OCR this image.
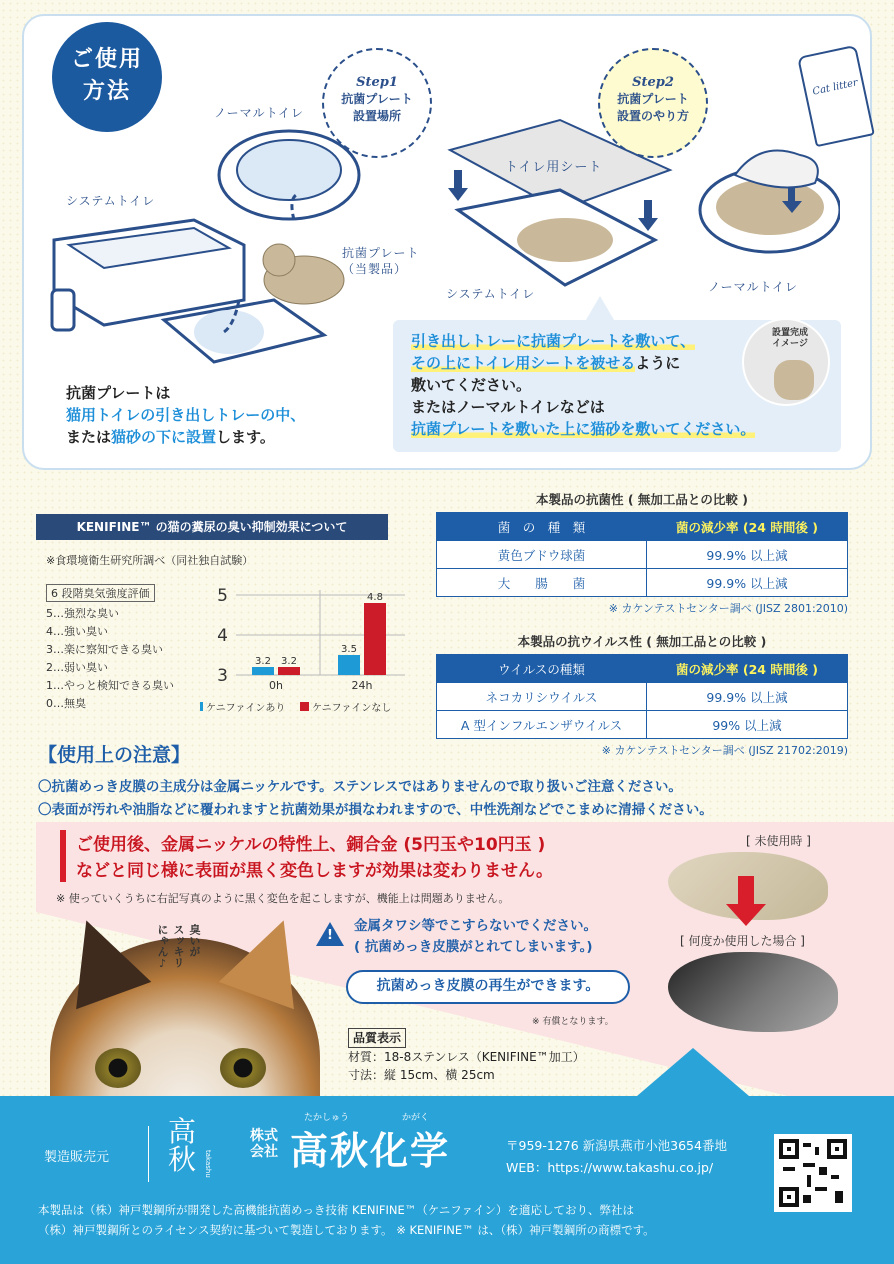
ご使用
方法	Step1
抗菌プレート
設置場所
Step2
抗菌プレート
設置のやり方
Cat litter
ノーマルトイレ
システムトイレ
抗菌プレート
（当製品）
トイレ用シート
システムトイレ	ノーマルトイレ
抗菌プレートは
猫用トイレの引き出しトレーの中、
または猫砂の下に設置します。
引き出しトレーに抗菌プレートを敷いて、
その上にトイレ用シートを被せるように
敷いてください。
またはノーマルトイレなどは
抗菌プレートを敷いた上に猫砂を敷いてください。
設置完成
イメージ
KENIFINE™ の猫の糞尿の臭い抑制効果について
※食環境衛生研究所調べ（同社独自試験）
6 段階臭気強度評価
5…強烈な臭い
4…強い臭い
3…楽に察知できる臭い
2…弱い臭い
1…やっと検知できる臭い
0…無臭
3
4
5
3.2 3.2
0h
3.5
4.8
24h
ケニファインあり	ケニファインなし
本製品の抗菌性 ( 無加工品との比較 )
菌　の　種　類	菌の減少率 (24 時間後 )
黄色ブドウ球菌	99.9% 以上減
大　　腸　　菌	99.9% 以上減
※ カケンテストセンター調べ (JISZ 2801:2010)
本製品の抗ウイルス性 ( 無加工品との比較 )
ウイルスの種類	菌の減少率 (24 時間後 )
ネコカリシウイルス	99.9% 以上減
A 型インフルエンザウイルス	99% 以上減
※ カケンテストセンター調べ (JISZ 21702:2019)
【使用上の注意】
〇抗菌めっき皮膜の主成分は金属ニッケルです。ステンレスではありませんので取り扱いご注意ください。
〇表面が汚れや油脂などに覆われますと抗菌効果が損なわれますので、中性洗剤などでこまめに清掃ください。
ご使用後、金属ニッケルの特性上、銅合金 (5円玉や10円玉 )
などと同じ様に表面が黒く変色しますが効果は変わりません。
※ 使っていくうちに右記写真のように黒く変色を起こしますが、機能上は問題ありません。
!
金属タワシ等でこすらないでください。
( 抗菌めっき皮膜がとれてしまいます。)
抗菌めっき皮膜の再生ができます。
※ 有償となります。
[ 未使用時 ]
[ 何度か使用した場合 ]
臭いが
スッキリ
にゃん♪
品質表示
材質：18-8ステンレス（KENIFINE™加工）
寸法：縦 15cm、横 25cm
製造販売元
高
秋 takashu
株式
会社
たかしゅう	かがく
高秋化学	〒959-1276 新潟県燕市小池3654番地
WEB：https://www.takashu.co.jp/
本製品は（株）神戸製鋼所が開発した高機能抗菌めっき技術 KENIFINE™（ケニファイン）を適応しており、弊社は
（株）神戸製鋼所とのライセンス契約に基づいて製造しております。 ※ KENIFINE™ は、（株）神戸製鋼所の商標です。
